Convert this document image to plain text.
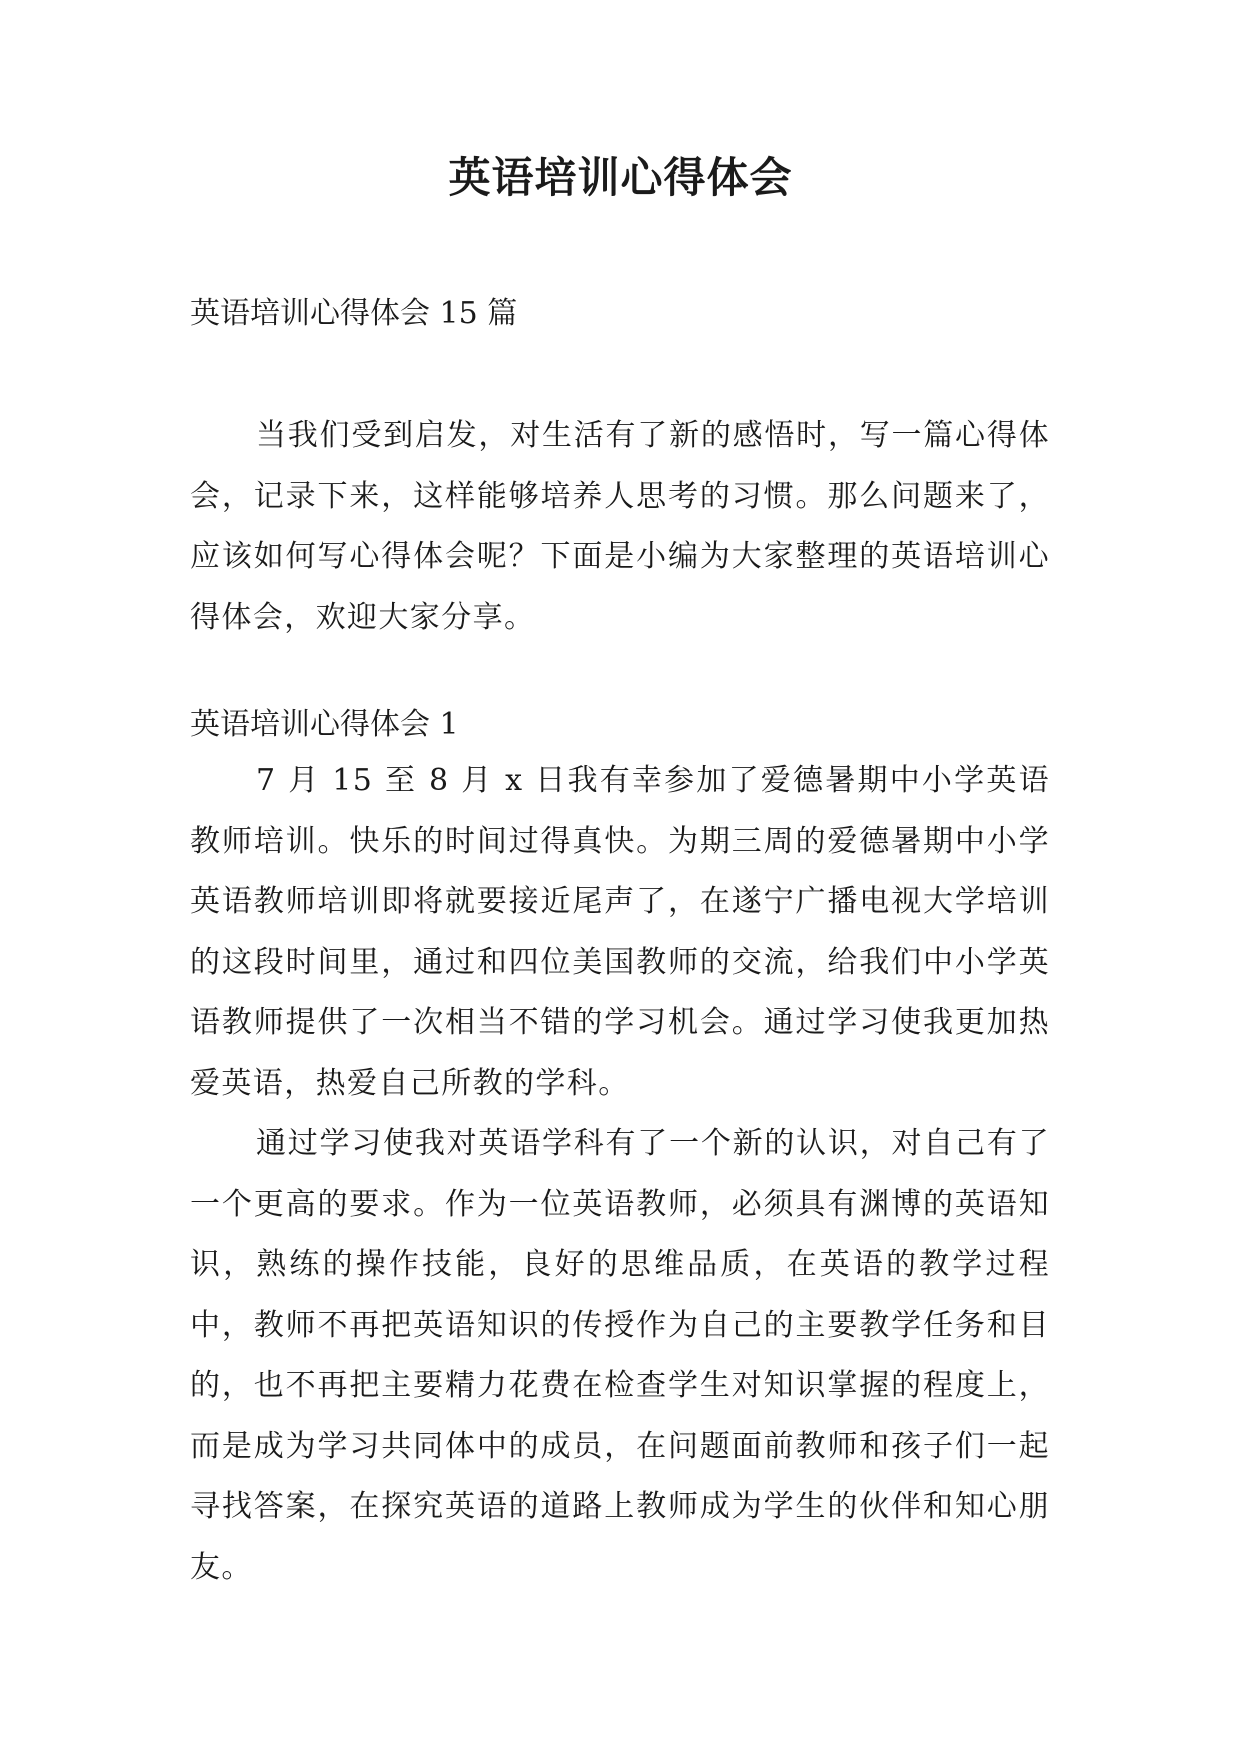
英语培训心得体会
英语培训心得体会 15 篇

当我们受到启发，对生活有了新的感悟时，写一篇心得体会，记录下来，这样能够培养人思考的习惯。那么问题来了，应该如何写心得体会呢？下面是小编为大家整理的英语培训心得体会，欢迎大家分享。

英语培训心得体会 1

7 月 15 至 8 月 x 日我有幸参加了爱德暑期中小学英语教师培训。快乐的时间过得真快。为期三周的爱德暑期中小学英语教师培训即将就要接近尾声了，在遂宁广播电视大学培训的这段时间里，通过和四位美国教师的交流，给我们中小学英语教师提供了一次相当不错的学习机会。通过学习使我更加热爱英语，热爱自己所教的学科。

通过学习使我对英语学科有了一个新的认识，对自己有了一个更高的要求。作为一位英语教师，必须具有渊博的英语知识，熟练的操作技能，良好的思维品质，在英语的教学过程中，教师不再把英语知识的传授作为自己的主要教学任务和目的，也不再把主要精力花费在检查学生对知识掌握的程度上，而是成为学习共同体中的成员，在问题面前教师和孩子们一起寻找答案，在探究英语的道路上教师成为学生的伙伴和知心朋友。
